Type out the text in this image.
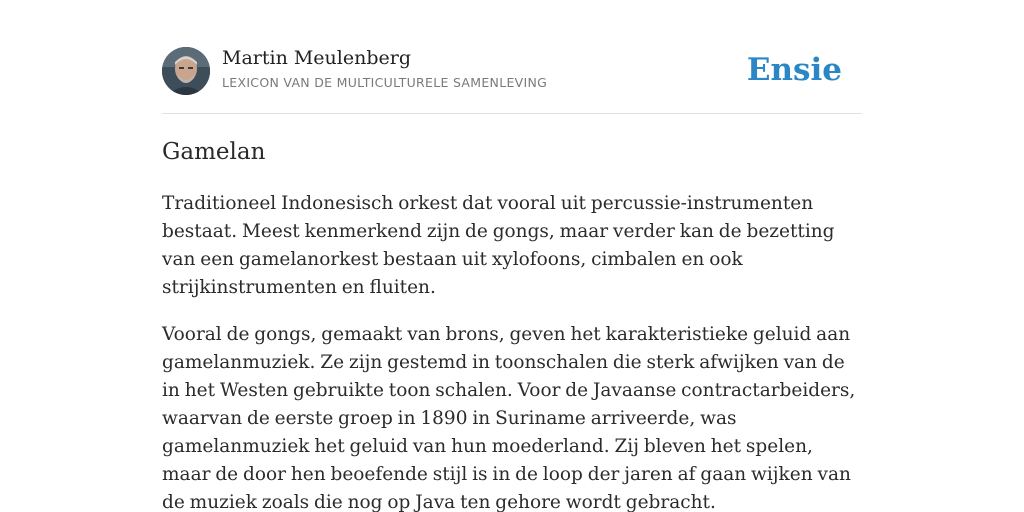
Martin Meulenberg
LEXICON VAN DE MULTICULTURELE SAMENLEVING	Ensie
Gamelan

Traditioneel Indonesisch orkest dat vooral uit percussie-instrumenten bestaat. Meest kenmerkend zijn de gongs, maar verder kan de bezetting van een gamelanorkest bestaan uit xylofoons, cimbalen en ook strijkinstrumenten en fluiten.

Vooral de gongs, gemaakt van brons, geven het karakteristieke geluid aan gamelanmuziek. Ze zijn gestemd in toonschalen die sterk afwijken van de in het Westen gebruikte toon schalen. Voor de Javaanse contractarbeiders, waarvan de eerste groep in 1890 in Suriname arriveerde, was gamelanmuziek het geluid van hun moederland. Zij bleven het spelen, maar de door hen beoefende stijl is in de loop der jaren af gaan wijken van de muziek zoals die nog op Java ten gehore wordt gebracht.
